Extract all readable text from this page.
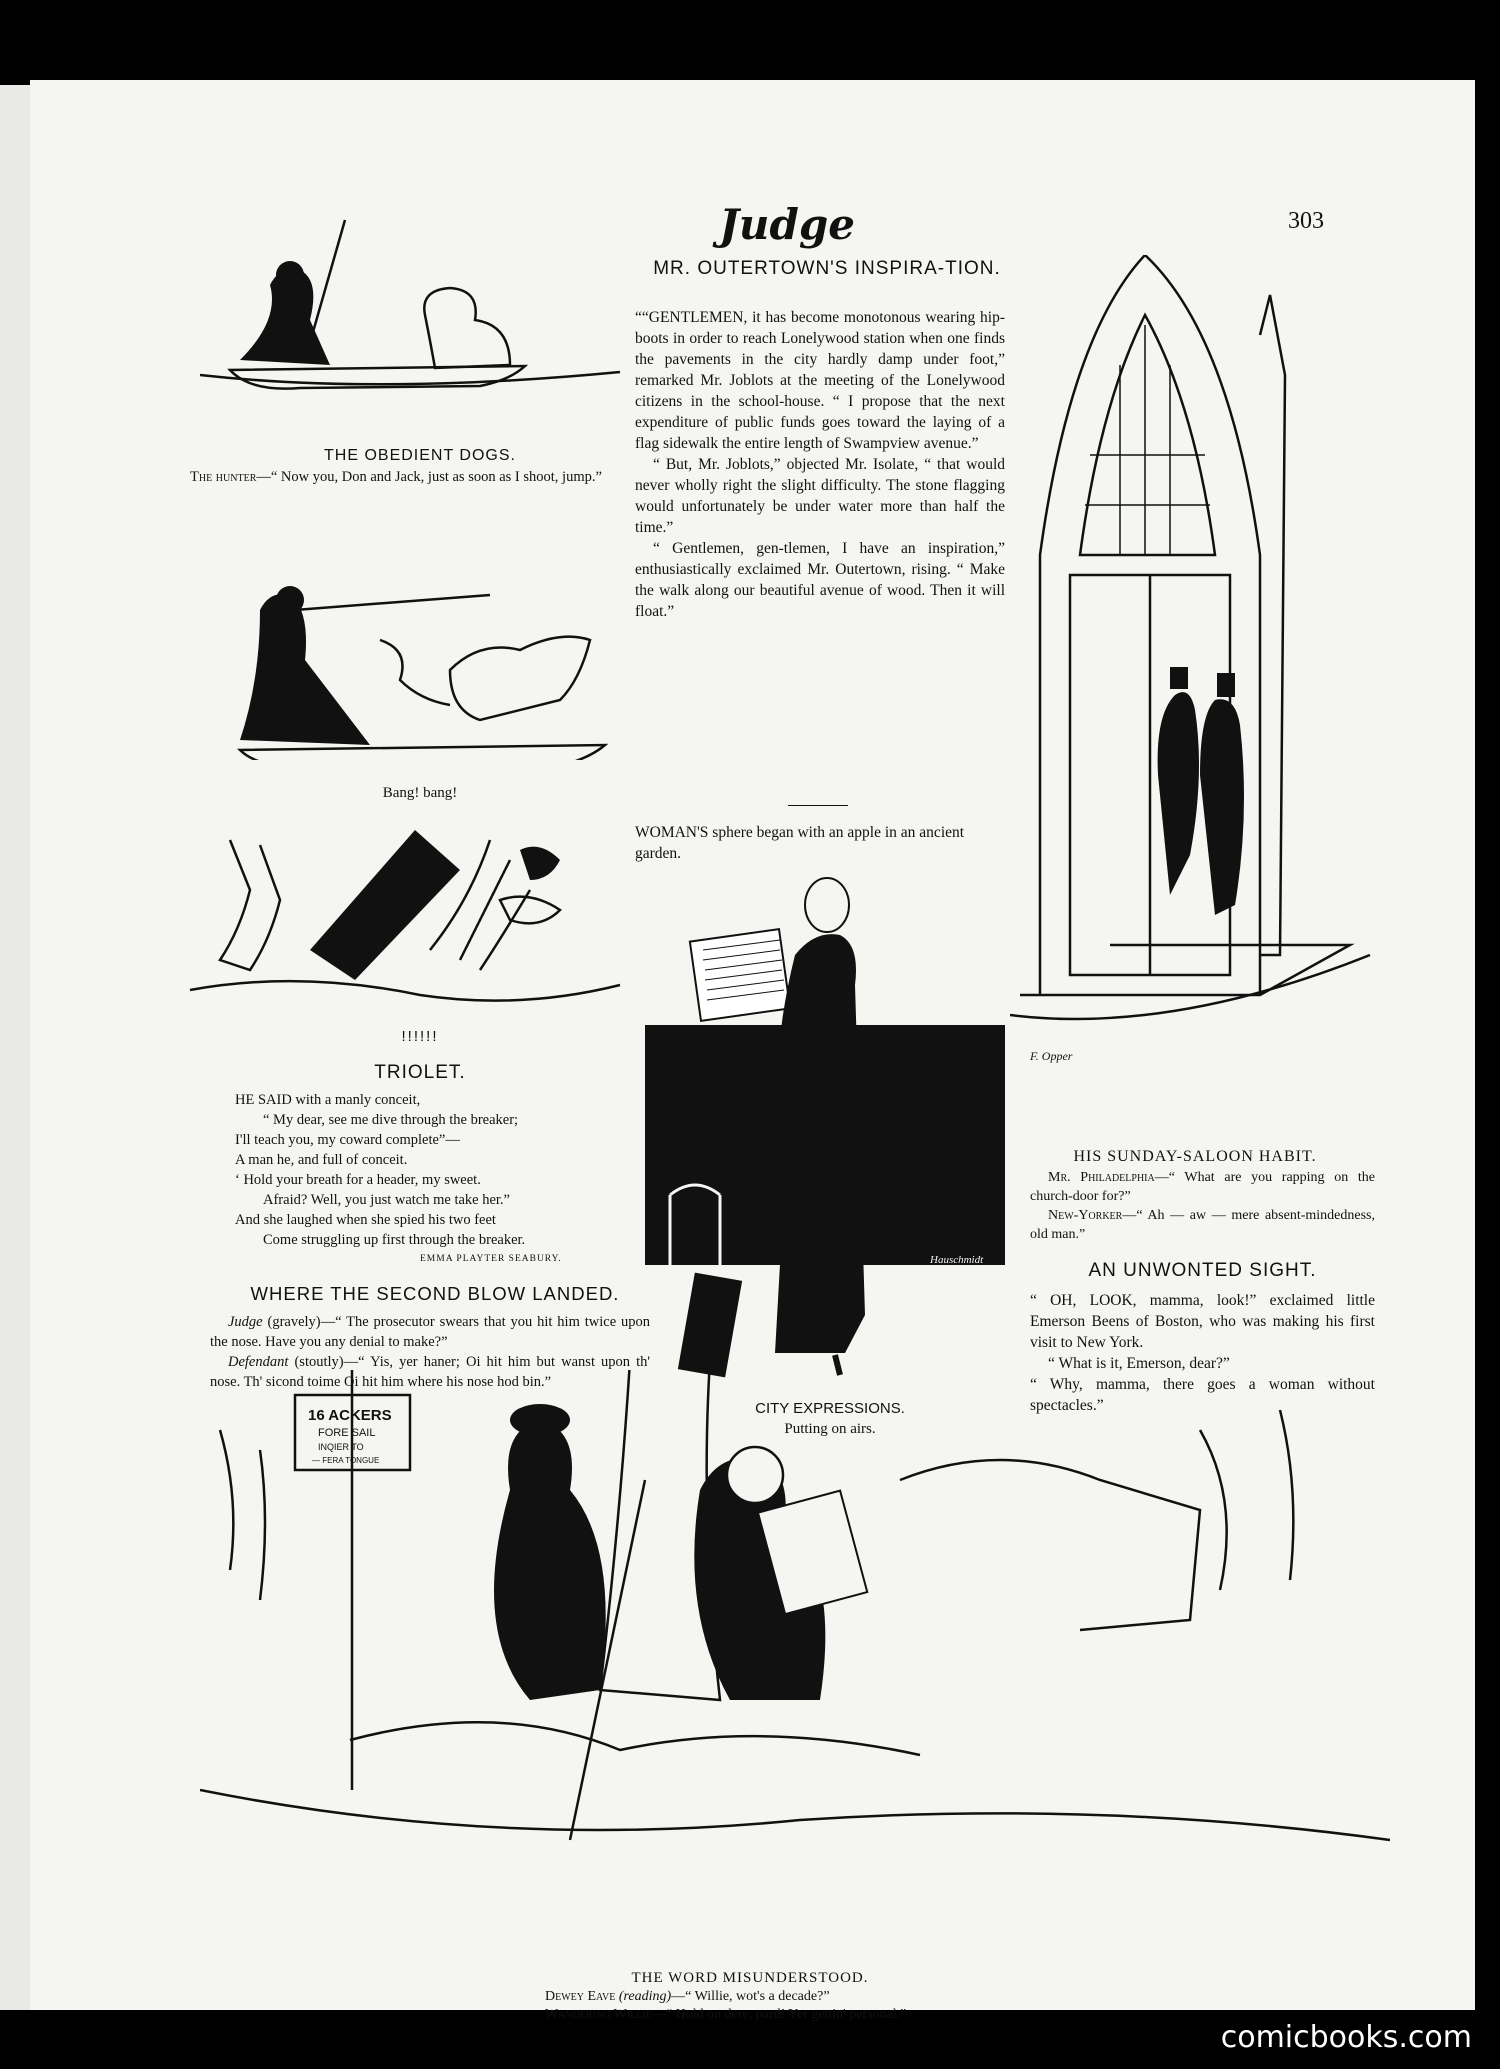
Judge	303
THE OBEDIENT DOGS.
The hunter—“ Now you, Don and Jack, just as soon as I shoot, jump.”
Bang! bang!
!!!!!!
TRIOLET.
HE SAID with a manly conceit,
“ My dear, see me dive through the breaker;
I'll teach you, my coward complete”—
A man he, and full of conceit.
‘ Hold your breath for a header, my sweet.
Afraid? Well, you just watch me take her.”
And she laughed when she spied his two feet
Come struggling up first through the breaker.
EMMA PLAYTER SEABURY.
WHERE THE SECOND BLOW LANDED.

Judge (gravely)—“ The prosecutor swears that you hit him twice upon the nose. Have you any denial to make?”

Defendant (stoutly)—“ Yis, yer haner; Oi hit him but wanst upon th' nose. Th' sicond toime Oi hit him where his nose hod bin.”

MR. OUTERTOWN'S INSPIRA-TION.

““GENTLEMEN, it has become monotonous wearing hip-boots in order to reach Lonelywood station when one finds the pavements in the city hardly damp under foot,” remarked Mr. Joblots at the meeting of the Lonelywood citizens in the school-house. “ I propose that the next expenditure of public funds goes toward the laying of a flag sidewalk the entire length of Swampview avenue.”

“ But, Mr. Joblots,” objected Mr. Isolate, “ that would never wholly right the slight difficulty. The stone flagging would unfortunately be under water more than half the time.”

“ Gentlemen, gen-tlemen, I have an inspiration,” enthusiastically exclaimed Mr. Outertown, rising. “ Make the walk along our beautiful avenue of wood. Then it will float.”

WOMAN'S sphere began with an apple in an ancient garden.
Hauschmidt
CITY EXPRESSIONS.
Putting on airs.
F. Opper
HIS SUNDAY-SALOON HABIT.

Mr. Philadelphia—“ What are you rapping on the church-door for?”

New-Yorker—“ Ah — aw — mere absent-mindedness, old man.”

AN UNWONTED SIGHT.

“ OH, LOOK, mamma, look!” exclaimed little Emerson Beens of Boston, who was making his first visit to New York.

“ What is it, Emerson, dear?”

“ Why, mamma, there goes a woman without spectacles.”

16 ACKERS
FORE SAIL
INQIER TO
— FERA TONGUE
THE WORD MISUNDERSTOOD.
Dewey Eave (reading)—“ Willie, wot's a decade?”
Wandering Willie—“ Hold on dere, pard! Yer gettin' personal.”
comicbooks.com
